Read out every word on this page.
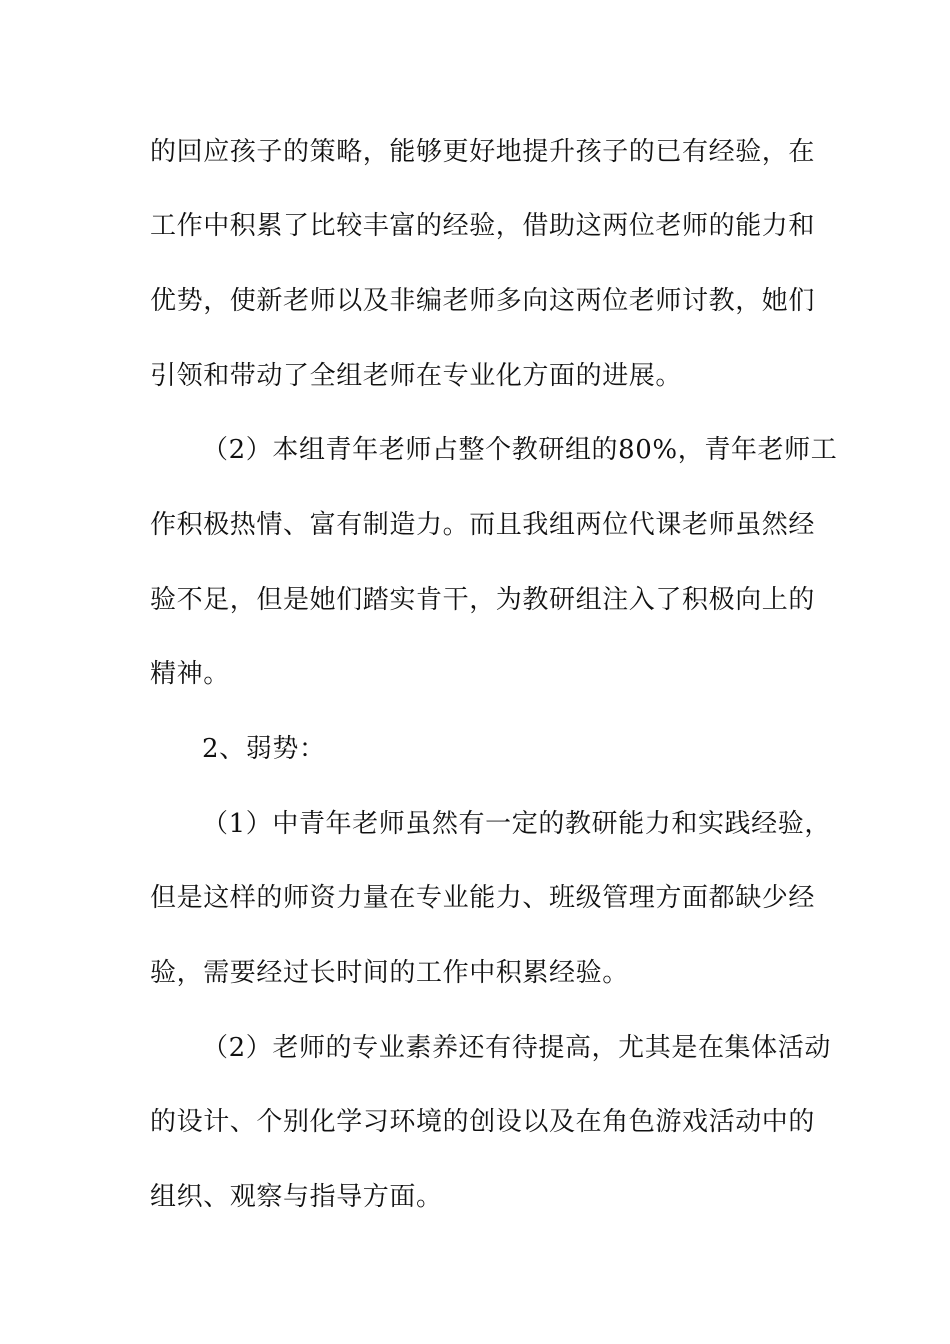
的回应孩子的策略，能够更好地提升孩子的已有经验，在
工作中积累了比较丰富的经验，借助这两位老师的能力和
优势，使新老师以及非编老师多向这两位老师讨教，她们
引领和带动了全组老师在专业化方面的进展。
（2）本组青年老师占整个教研组的80%，青年老师工
作积极热情、富有制造力。而且我组两位代课老师虽然经
验不足，但是她们踏实肯干，为教研组注入了积极向上的
精神。
2、弱势：
（1）中青年老师虽然有一定的教研能力和实践经验，
但是这样的师资力量在专业能力、班级管理方面都缺少经
验，需要经过长时间的工作中积累经验。
（2）老师的专业素养还有待提高，尤其是在集体活动
的设计、个别化学习环境的创设以及在角色游戏活动中的
组织、观察与指导方面。
